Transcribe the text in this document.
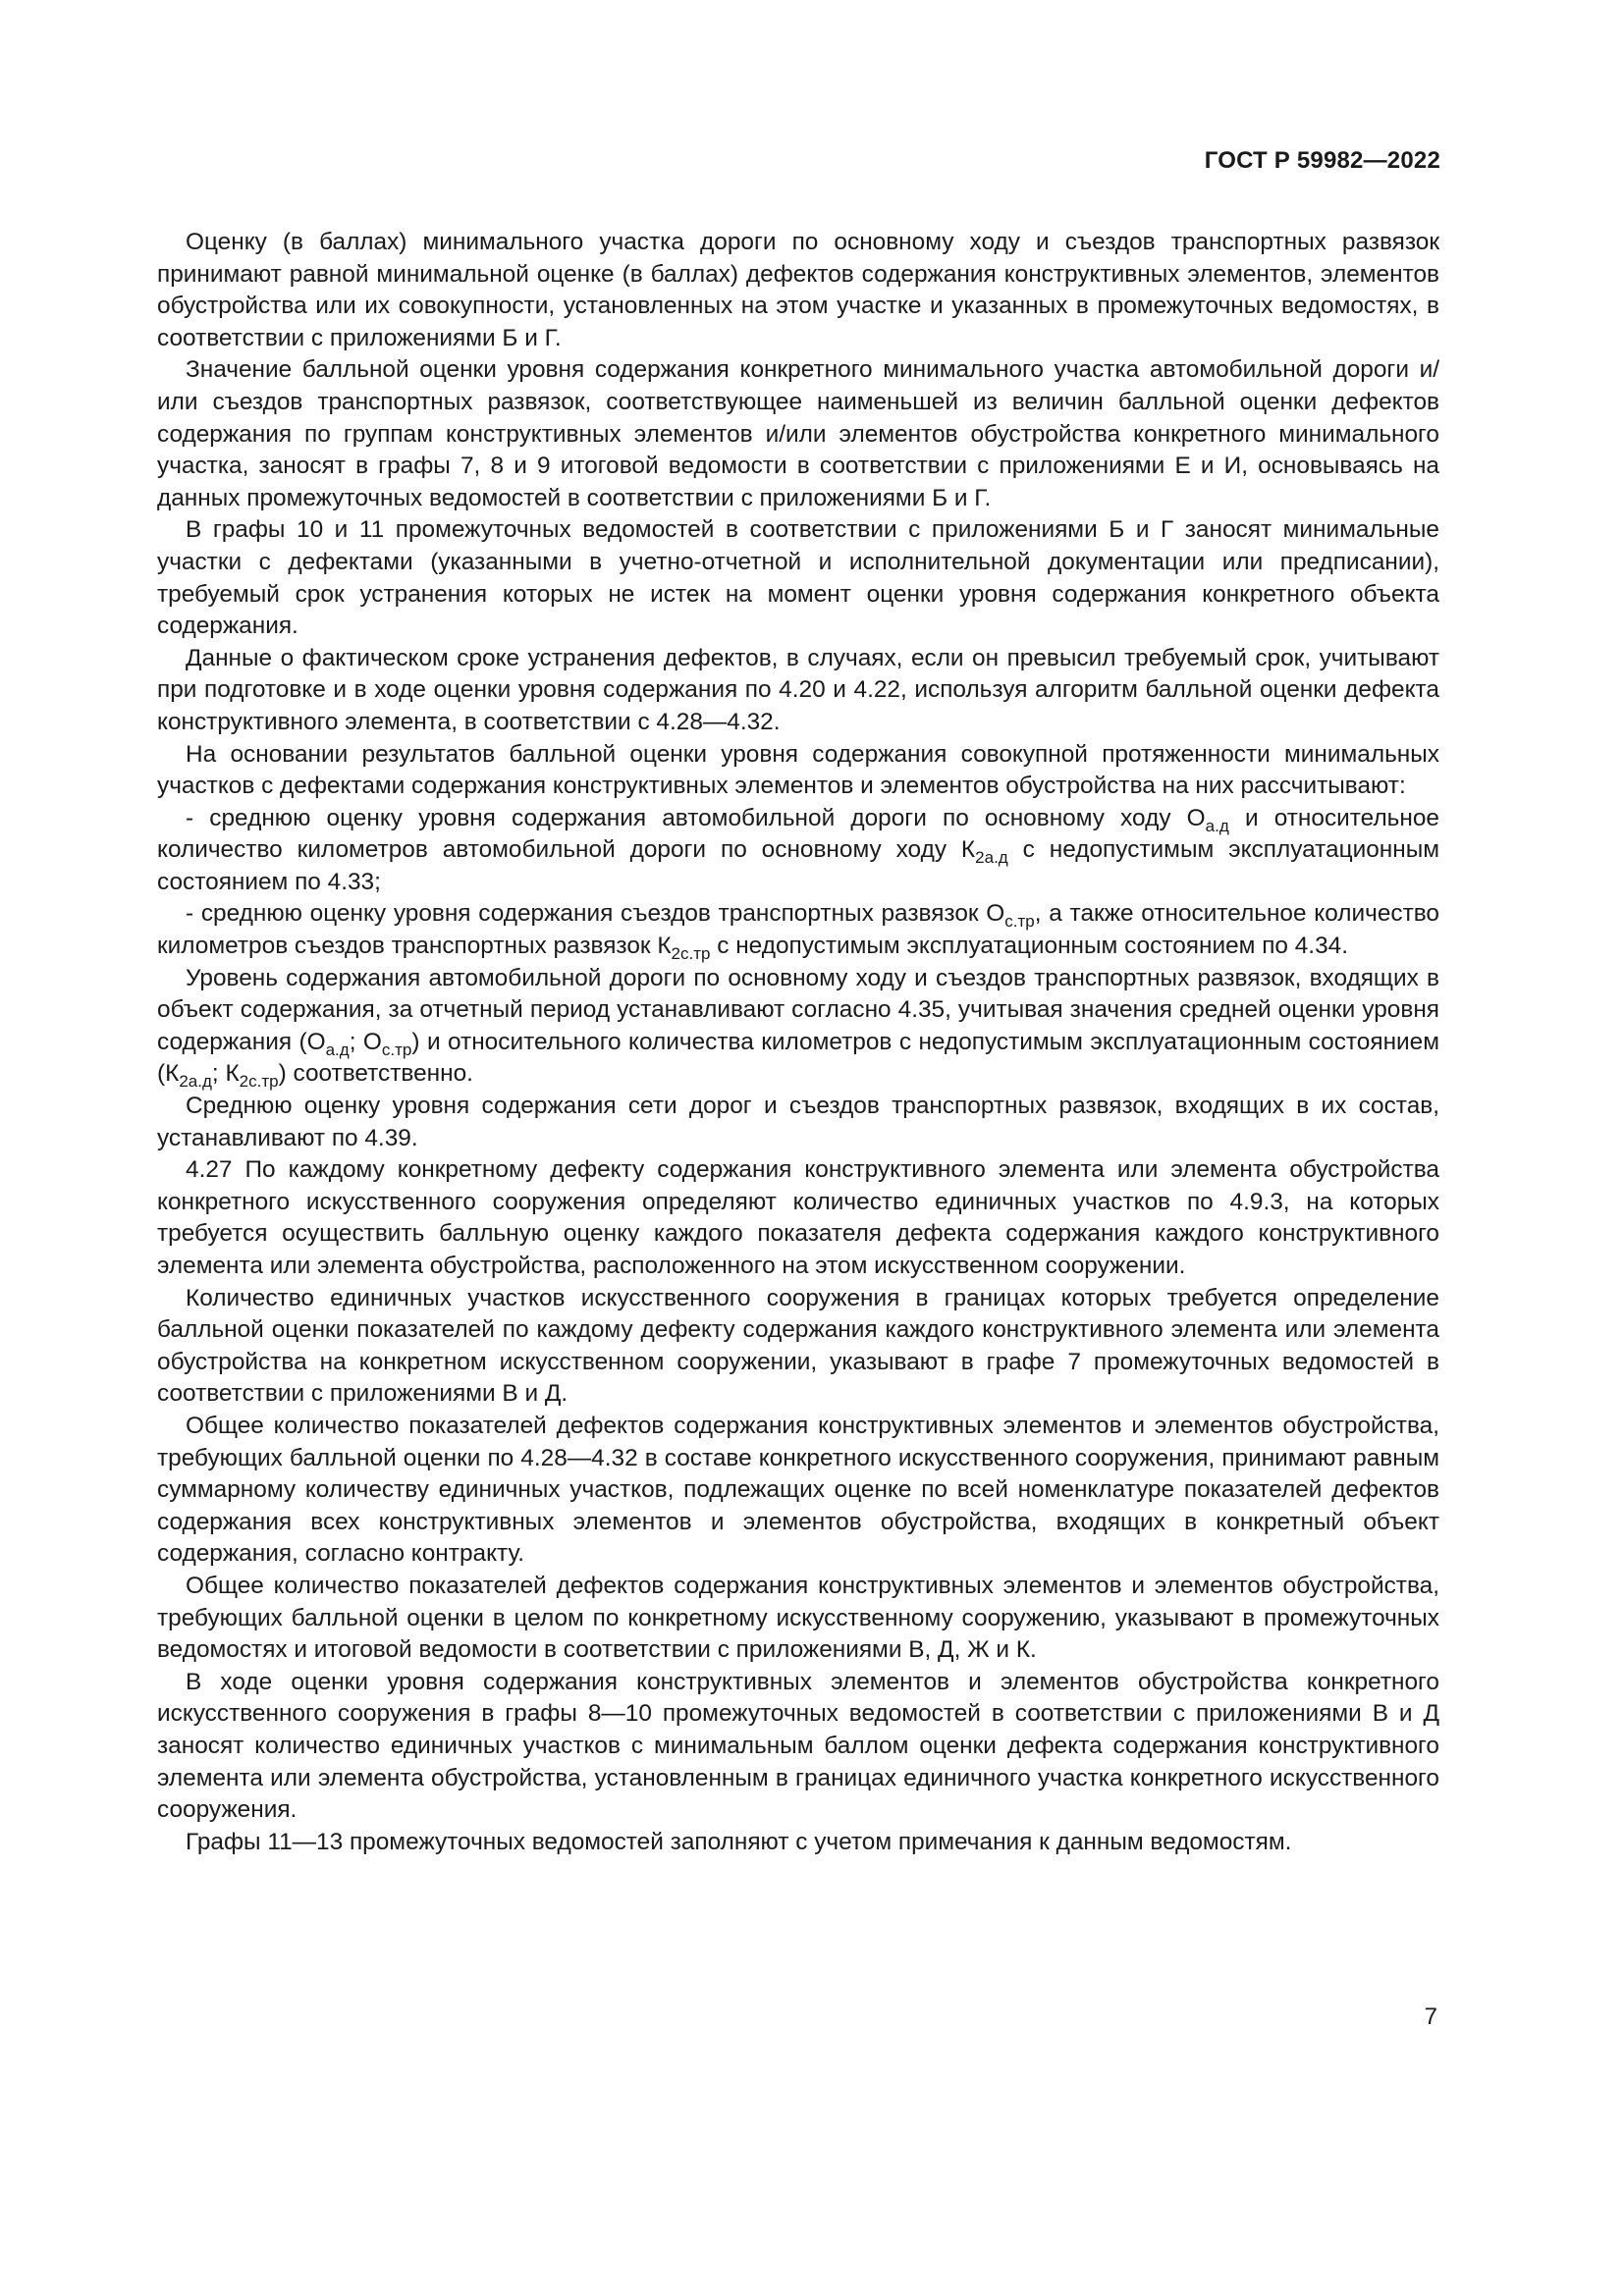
ГОСТ Р 59982—2022

Оценку (в баллах) минимального участка дороги по основному ходу и съездов транспортных развязок принимают равной минимальной оценке (в баллах) дефектов содержания конструктивных элементов, элементов обустройства или их совокупности, установленных на этом участке и указанных в промежуточных ведомостях, в соответствии с приложениями Б и Г.

Значение балльной оценки уровня содержания конкретного минимального участка автомобильной дороги и/или съездов транспортных развязок, соответствующее наименьшей из величин балльной оценки дефектов содержания по группам конструктивных элементов и/или элементов обустройства конкретного минимального участка, заносят в графы 7, 8 и 9 итоговой ведомости в соответствии с приложениями Е и И, основываясь на данных промежуточных ведомостей в соответствии с приложениями Б и Г.

В графы 10 и 11 промежуточных ведомостей в соответствии с приложениями Б и Г заносят минимальные участки с дефектами (указанными в учетно-отчетной и исполнительной документации или предписании), требуемый срок устранения которых не истек на момент оценки уровня содержания конкретного объекта содержания.

Данные о фактическом сроке устранения дефектов, в случаях, если он превысил требуемый срок, учитывают при подготовке и в ходе оценки уровня содержания по 4.20 и 4.22, используя алгоритм балльной оценки дефекта конструктивного элемента, в соответствии с 4.28—4.32.

На основании результатов балльной оценки уровня содержания совокупной протяженности минимальных участков с дефектами содержания конструктивных элементов и элементов обустройства на них рассчитывают:

- среднюю оценку уровня содержания автомобильной дороги по основному ходу $О_{а.д}$ и относительное количество километров автомобильной дороги по основному ходу $К_{2а.д}$ с недопустимым эксплуатационным состоянием по 4.33;

- среднюю оценку уровня содержания съездов транспортных развязок $О_{с.тр}$, а также относительное количество километров съездов транспортных развязок $К_{2с.тр}$ с недопустимым эксплуатационным состоянием по 4.34.

Уровень содержания автомобильной дороги по основному ходу и съездов транспортных развязок, входящих в объект содержания, за отчетный период устанавливают согласно 4.35, учитывая значения средней оценки уровня содержания ($О_{а.д}$; $О_{с.тр}$) и относительного количества километров с недопустимым эксплуатационным состоянием ($К_{2а.д}$; $К_{2с.тр}$) соответственно.

Среднюю оценку уровня содержания сети дорог и съездов транспортных развязок, входящих в их состав, устанавливают по 4.39.

4.27 По каждому конкретному дефекту содержания конструктивного элемента или элемента обустройства конкретного искусственного сооружения определяют количество единичных участков по 4.9.3, на которых требуется осуществить балльную оценку каждого показателя дефекта содержания каждого конструктивного элемента или элемента обустройства, расположенного на этом искусственном сооружении.

Количество единичных участков искусственного сооружения в границах которых требуется определение балльной оценки показателей по каждому дефекту содержания каждого конструктивного элемента или элемента обустройства на конкретном искусственном сооружении, указывают в графе 7 промежуточных ведомостей в соответствии с приложениями В и Д.

Общее количество показателей дефектов содержания конструктивных элементов и элементов обустройства, требующих балльной оценки по 4.28—4.32 в составе конкретного искусственного сооружения, принимают равным суммарному количеству единичных участков, подлежащих оценке по всей номенклатуре показателей дефектов содержания всех конструктивных элементов и элементов обустройства, входящих в конкретный объект содержания, согласно контракту.

Общее количество показателей дефектов содержания конструктивных элементов и элементов обустройства, требующих балльной оценки в целом по конкретному искусственному сооружению, указывают в промежуточных ведомостях и итоговой ведомости в соответствии с приложениями В, Д, Ж и К.

В ходе оценки уровня содержания конструктивных элементов и элементов обустройства конкретного искусственного сооружения в графы 8—10 промежуточных ведомостей в соответствии с приложениями В и Д заносят количество единичных участков с минимальным баллом оценки дефекта содержания конструктивного элемента или элемента обустройства, установленным в границах единичного участка конкретного искусственного сооружения.

Графы 11—13 промежуточных ведомостей заполняют с учетом примечания к данным ведомостям.

7
